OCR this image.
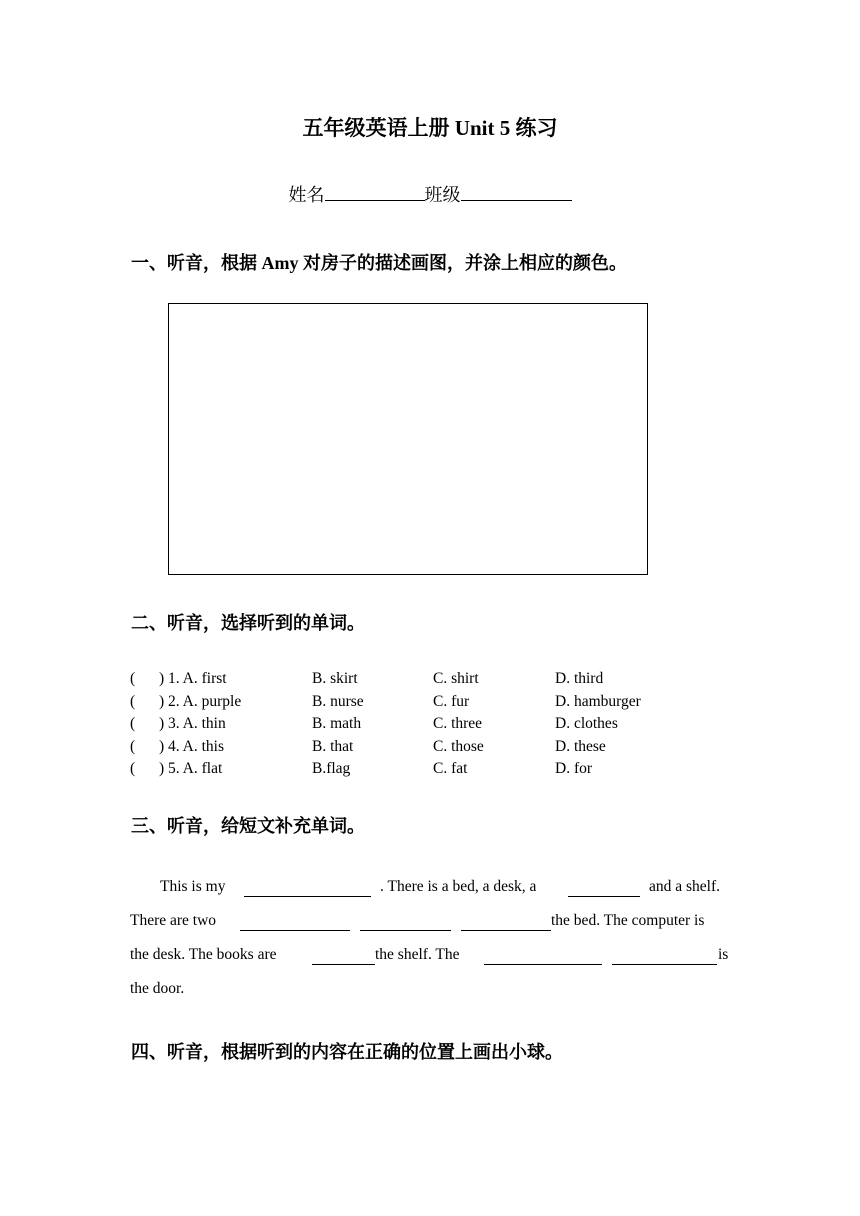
五年级英语上册 Unit 5 练习
姓名	班级
一、听音，根据 Amy 对房子的描述画图，并涂上相应的颜色。
二、听音，选择听到的单词。
( ) 1. A. first	B. skirt	C. shirt	D. third
( ) 2. A. purple	B. nurse	C. fur	D. hamburger
( ) 3. A. thin	B. math	C. three	D. clothes
( ) 4. A. this	B. that	C. those	D. these
( ) 5. A. flat	B.flag	C. fat	D. for
三、听音，给短文补充单词。
This is my	. There is a bed, a desk, a	and a shelf.
There are two	the bed. The computer is
the desk. The books are	the shelf. The	is
the door.
四、听音，根据听到的内容在正确的位置上画出小球。
